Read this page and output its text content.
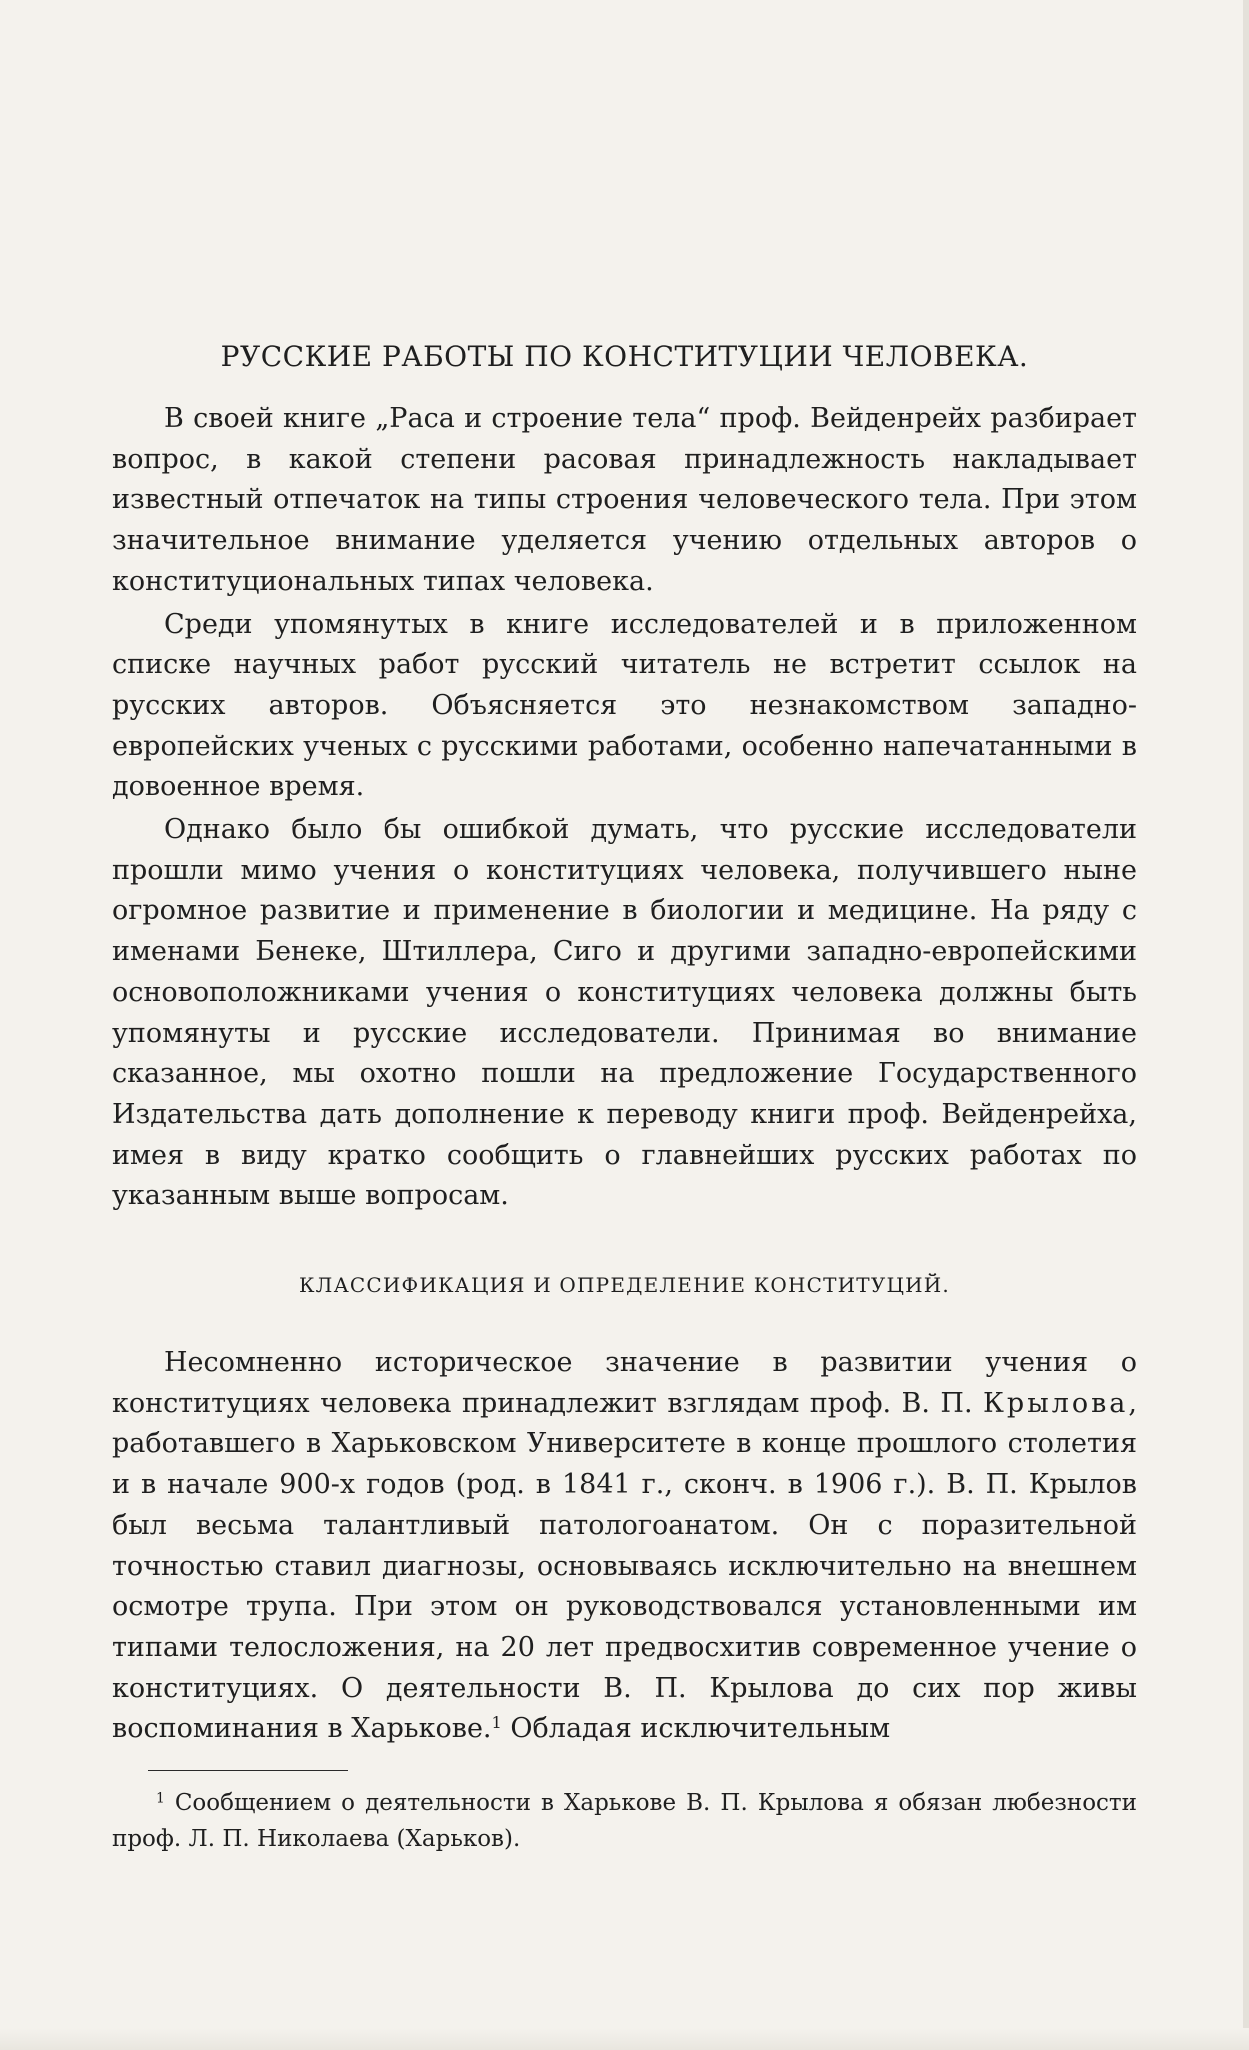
РУССКИЕ РАБОТЫ ПО КОНСТИТУЦИИ ЧЕЛОВЕКА.

В своей книге „Раса и строение тела“ проф. Вейденрейх разбирает вопрос, в какой степени расовая принадлежность накладывает известный отпечаток на типы строения человеческого тела. При этом значительное внимание уделяется учению отдельных авторов о конституциональных типах человека.

Среди упомянутых в книге исследователей и в приложенном списке научных работ русский читатель не встретит ссылок на русских авторов. Объясняется это незнакомством западно-европейских ученых с русскими работами, особенно напечатанными в довоенное время.

Однако было бы ошибкой думать, что русские исследователи прошли мимо учения о конституциях человека, получившего ныне огромное развитие и применение в биологии и медицине. На ряду с именами Бенеке, Штиллера, Сиго и другими западно-европейскими основоположниками учения о конституциях человека должны быть упомянуты и русские исследователи. Принимая во внимание сказанное, мы охотно пошли на предложение Государственного Издательства дать дополнение к переводу книги проф. Вейденрейха, имея в виду кратко сообщить о главнейших русских работах по указанным выше вопросам.

КЛАССИФИКАЦИЯ И ОПРЕДЕЛЕНИЕ КОНСТИТУЦИЙ.

Несомненно историческое значение в развитии учения о конституциях человека принадлежит взглядам проф. В. П. Крылова, работавшего в Харьковском Университете в конце прошлого столетия и в начале 900-х годов (род. в 1841 г., сконч. в 1906 г.). В. П. Крылов был весьма талантливый патологоанатом. Он с поразительной точностью ставил диагнозы, основываясь исключительно на внешнем осмотре трупа. При этом он руководствовался установленными им типами телосложения, на 20 лет предвосхитив современное учение о конституциях. О деятельности В. П. Крылова до сих пор живы воспоминания в Харькове.$^1$ Обладая исключительным

$^1$ Сообщением о деятельности в Харькове В. П. Крылова я обязан любезности проф. Л. П. Николаева (Харьков).
